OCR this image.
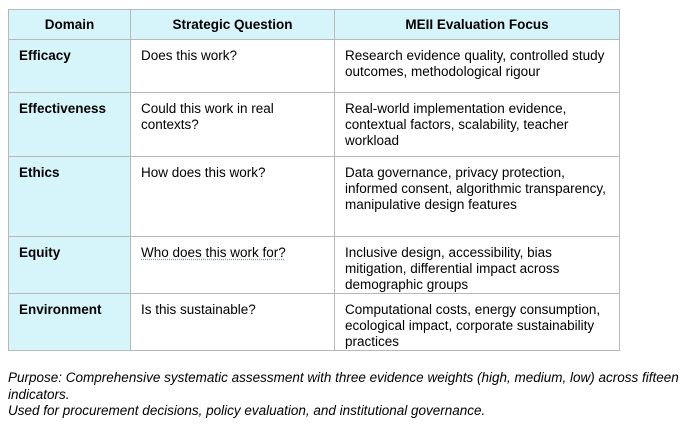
Domain	Strategic Question	MEII Evaluation Focus
Efficacy	Does this work?	Research evidence quality, controlled study outcomes, methodological rigour
Effectiveness	Could this work in real contexts?	Real-world implementation evidence, contextual factors, scalability, teacher workload
Ethics	How does this work?	Data governance, privacy protection, informed consent, algorithmic transparency, manipulative design features
Equity	Who does this work for?	Inclusive design, accessibility, bias mitigation, differential impact across demographic groups
Environment	Is this sustainable?	Computational costs, energy consumption, ecological impact, corporate sustainability practices

Purpose: Comprehensive systematic assessment with three evidence weights (high, medium, low) across fifteen indicators.

Used for procurement decisions, policy evaluation, and institutional governance.
